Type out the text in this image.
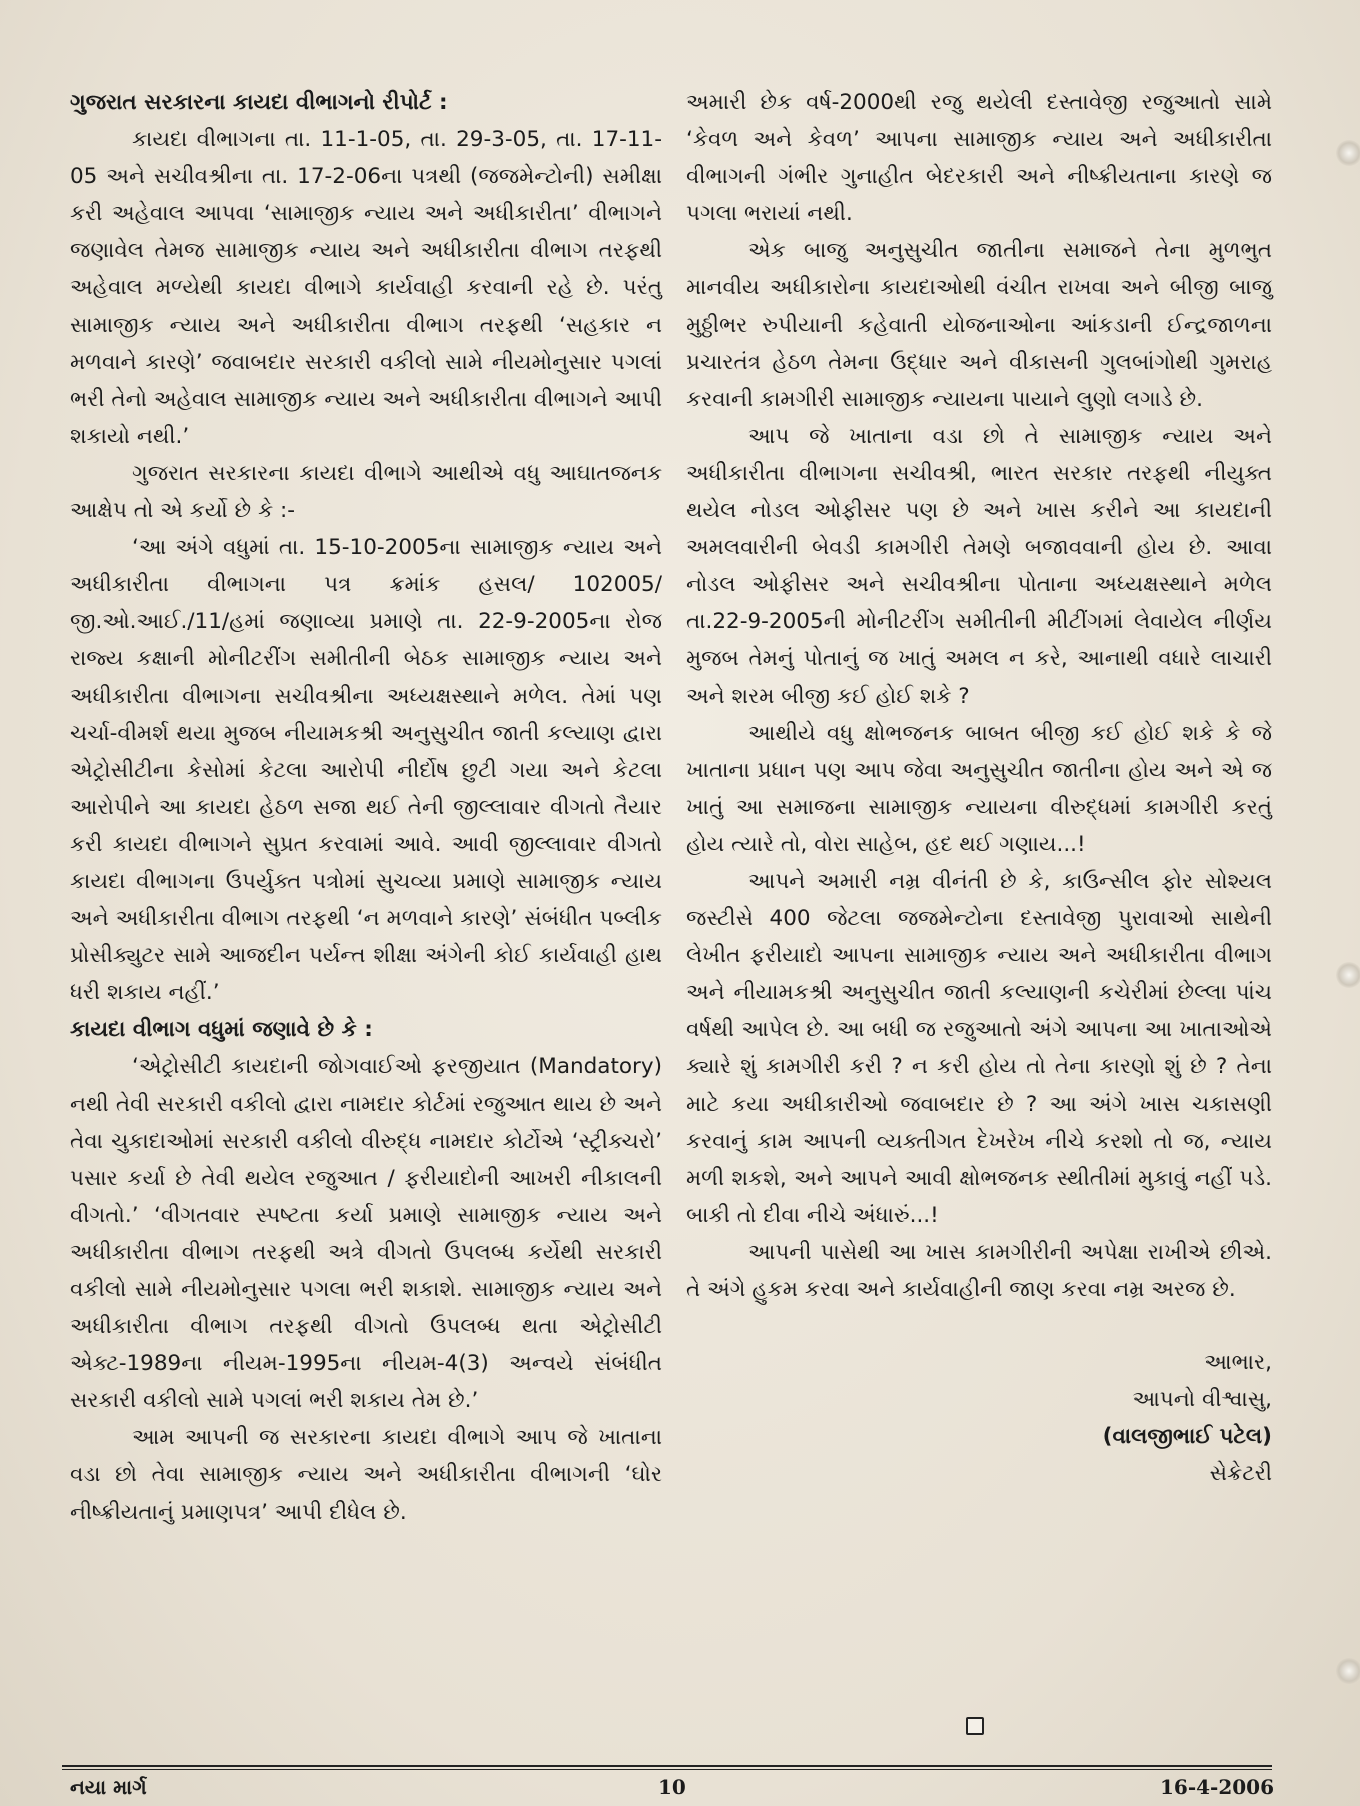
ગુજરાત સરકારના કાયદા વીભાગનો રીપોર્ટ :

કાયદા વીભાગના તા. 11-1-05, તા. 29-3-05, તા. 17-11-05 અને સચીવશ્રીના તા. 17-2-06ના પત્રથી (જજમેન્ટોની) સમીક્ષા કરી અહેવાલ આપવા ‘સામાજીક ન્યાય અને અધીકારીતા’ વીભાગને જણાવેલ તેમજ સામાજીક ન્યાય અને અધીકારીતા વીભાગ તરફથી અહેવાલ મળ્યેથી કાયદા વીભાગે કાર્યવાહી કરવાની રહે છે. પરંતુ સામાજીક ન્યાય અને અધીકારીતા વીભાગ તરફથી ‘સહકાર ન મળવાને કારણે’ જવાબદાર સરકારી વકીલો સામે નીયમોનુસાર પગલાં ભરી તેનો અહેવાલ સામાજીક ન્યાય અને અધીકારીતા વીભાગને આપી શકાયો નથી.’

ગુજરાત સરકારના કાયદા વીભાગે આથીએ વધુ આઘાતજનક આક્ષેપ તો એ કર્યો છે કે :-

‘આ અંગે વધુમાં તા. 15-10-2005ના સામાજીક ન્યાય અને અધીકારીતા વીભાગના પત્ર ક્રમાંક હસલ/ 102005/જી.ઓ.આઈ./11/હમાં જણાવ્યા પ્રમાણે તા. 22-9-2005ના રોજ રાજ્ય કક્ષાની મોનીટરીંગ સમીતીની બેઠક સામાજીક ન્યાય અને અધીકારીતા વીભાગના સચીવશ્રીના અધ્યક્ષસ્થાને મળેલ. તેમાં પણ ચર્ચા-વીમર્શ થયા મુજબ નીયામકશ્રી અનુસુચીત જાતી કલ્યાણ દ્વારા એટ્રોસીટીના કેસોમાં કેટલા આરોપી નીર્દોષ છુટી ગયા અને કેટલા આરોપીને આ કાયદા હેઠળ સજા થઈ તેની જીલ્લાવાર વીગતો તૈયાર કરી કાયદા વીભાગને સુપ્રત કરવામાં આવે. આવી જીલ્લાવાર વીગતો કાયદા વીભાગના ઉપર્યુક્ત પત્રોમાં સુચવ્યા પ્રમાણે સામાજીક ન્યાય અને અધીકારીતા વીભાગ તરફથી ‘ન મળવાને કારણે’ સંબંધીત પબ્લીક પ્રોસીક્યુટર સામે આજદીન પર્યન્ત શીક્ષા અંગેની કોઈ કાર્યવાહી હાથ ધરી શકાય નહીં.’

કાયદા વીભાગ વધુમાં જણાવે છે કે :

‘એટ્રોસીટી કાયદાની જોગવાઈઓ ફરજીયાત (Mandatory) નથી તેવી સરકારી વકીલો દ્વારા નામદાર કોર્ટમાં રજુઆત થાય છે અને તેવા ચુકાદાઓમાં સરકારી વકીલો વીરુદ્ધ નામદાર કોર્ટોએ ‘સ્ટ્રીક્ચરો’ પસાર કર્યા છે તેવી થયેલ રજુઆત / ફરીયાદોની આખરી નીકાલની વીગતો.’ ‘વીગતવાર સ્પષ્ટતા કર્યા પ્રમાણે સામાજીક ન્યાય અને અધીકારીતા વીભાગ તરફથી અત્રે વીગતો ઉપલબ્ધ કર્યેથી સરકારી વકીલો સામે નીયમોનુસાર પગલા ભરી શકાશે. સામાજીક ન્યાય અને અધીકારીતા વીભાગ તરફથી વીગતો ઉપલબ્ધ થતા એટ્રોસીટી એક્ટ-1989ના નીયમ-1995ના નીયમ-4(3) અન્વયે સંબંધીત સરકારી વકીલો સામે પગલાં ભરી શકાય તેમ છે.’

આમ આપની જ સરકારના કાયદા વીભાગે આપ જે ખાતાના વડા છો તેવા સામાજીક ન્યાય અને અધીકારીતા વીભાગની ‘ઘોર નીષ્ક્રીયતાનું પ્રમાણપત્ર’ આપી દીધેલ છે.

અમારી છેક વર્ષ-2000થી રજુ થયેલી દસ્તાવેજી રજુઆતો સામે ‘કેવળ અને કેવળ’ આપના સામાજીક ન્યાય અને અધીકારીતા વીભાગની ગંભીર ગુનાહીત બેદરકારી અને નીષ્ક્રીયતાના કારણે જ પગલા ભરાયાં નથી.

એક બાજુ અનુસુચીત જાતીના સમાજને તેના મુળભુત માનવીય અધીકારોના કાયદાઓથી વંચીત રાખવા અને બીજી બાજુ મુઠ્ઠીભર રુપીયાની કહેવાતી યોજનાઓના આંકડાની ઈન્દ્રજાળના પ્રચારતંત્ર હેઠળ તેમના ઉદ્ધાર અને વીકાસની ગુલબાંગોથી ગુમરાહ કરવાની કામગીરી સામાજીક ન્યાયના પાયાને લુણો લગાડે છે.

આપ જે ખાતાના વડા છો તે સામાજીક ન્યાય અને અધીકારીતા વીભાગના સચીવશ્રી, ભારત સરકાર તરફથી નીયુક્ત થયેલ નોડલ ઓફીસર પણ છે અને ખાસ કરીને આ કાયદાની અમલવારીની બેવડી કામગીરી તેમણે બજાવવાની હોય છે. આવા નોડલ ઓફીસર અને સચીવશ્રીના પોતાના અધ્યક્ષસ્થાને મળેલ તા.22-9-2005ની મોનીટરીંગ સમીતીની મીટીંગમાં લેવાયેલ નીર્ણય મુજબ તેમનું પોતાનું જ ખાતું અમલ ન કરે, આનાથી વધારે લાચારી અને શરમ બીજી કઈ હોઈ શકે ?

આથીયે વધુ ક્ષોભજનક બાબત બીજી કઈ હોઈ શકે કે જે ખાતાના પ્રધાન પણ આપ જેવા અનુસુચીત જાતીના હોય અને એ જ ખાતું આ સમાજના સામાજીક ન્યાયના વીરુદ્ધમાં કામગીરી કરતું હોય ત્યારે તો, વોરા સાહેબ, હદ થઈ ગણાય...!

આપને અમારી નમ્ર વીનંતી છે કે, કાઉન્સીલ ફોર સોશ્યલ જસ્ટીસે 400 જેટલા જજમેન્ટોના દસ્તાવેજી પુરાવાઓ સાથેની લેખીત ફરીયાદો આપના સામાજીક ન્યાય અને અધીકારીતા વીભાગ અને નીયામકશ્રી અનુસુચીત જાતી કલ્યાણની કચેરીમાં છેલ્લા પાંચ વર્ષથી આપેલ છે. આ બધી જ રજુઆતો અંગે આપના આ ખાતાઓએ ક્યારે શું કામગીરી કરી ? ન કરી હોય તો તેના કારણો શું છે ? તેના માટે કયા અધીકારીઓ જવાબદાર છે ? આ અંગે ખાસ ચકાસણી કરવાનું કામ આપની વ્યક્તીગત દેખરેખ નીચે કરશો તો જ, ન્યાય મળી શકશે, અને આપને આવી ક્ષોભજનક સ્થીતીમાં મુકાવું નહીં પડે. બાકી તો દીવા નીચે અંધારું...!

આપની પાસેથી આ ખાસ કામગીરીની અપેક્ષા રાખીએ છીએ. તે અંગે હુકમ કરવા અને કાર્યવાહીની જાણ કરવા નમ્ર અરજ છે.

આભાર,

આપનો વીશ્વાસુ,

(વાલજીભાઈ પટેલ)

સેક્રેટરી

નયા માર્ગ	10	16-4-2006
